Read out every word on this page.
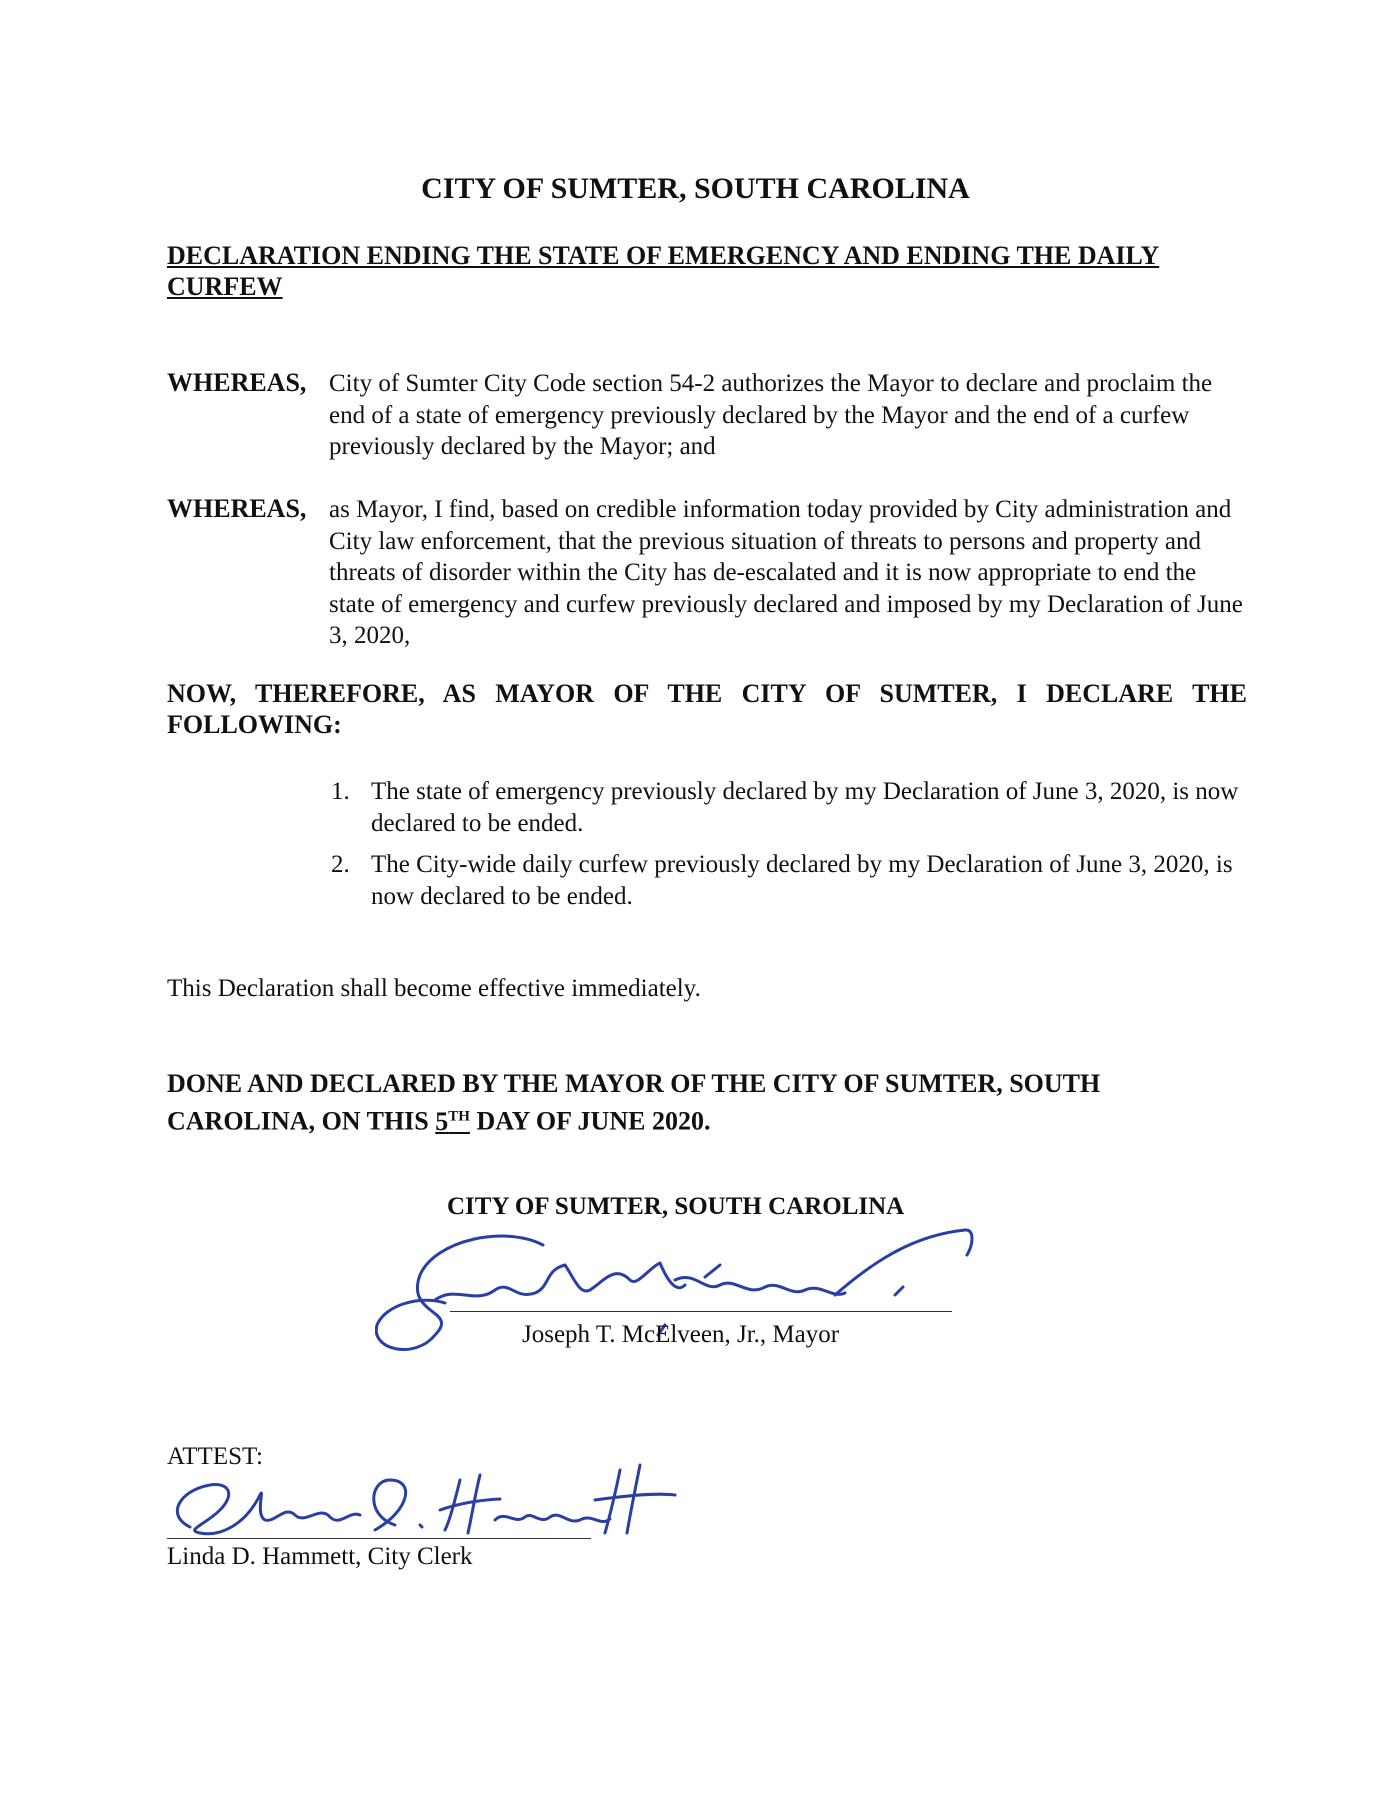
CITY OF SUMTER, SOUTH CAROLINA
DECLARATION ENDING THE STATE OF EMERGENCY AND ENDING THE DAILY CURFEW
WHEREAS, City of Sumter City Code section 54-2 authorizes the Mayor to declare and proclaim the end of a state of emergency previously declared by the Mayor and the end of a curfew previously declared by the Mayor; and
WHEREAS, as Mayor, I find, based on credible information today provided by City administration and City law enforcement, that the previous situation of threats to persons and property and threats of disorder within the City has de-escalated and it is now appropriate to end the state of emergency and curfew previously declared and imposed by my Declaration of June 3, 2020,
NOW, THEREFORE, AS MAYOR OF THE CITY OF SUMTER, I DECLARE THE FOLLOWING:
1. The state of emergency previously declared by my Declaration of June 3, 2020, is now declared to be ended.
2. The City-wide daily curfew previously declared by my Declaration of June 3, 2020, is now declared to be ended.
This Declaration shall become effective immediately.
DONE AND DECLARED BY THE MAYOR OF THE CITY OF SUMTER, SOUTH CAROLINA, ON THIS 5TH DAY OF JUNE 2020.
CITY OF SUMTER, SOUTH CAROLINA
Joseph T. McElveen, Jr., Mayor
ATTEST:
Linda D. Hammett, City Clerk
